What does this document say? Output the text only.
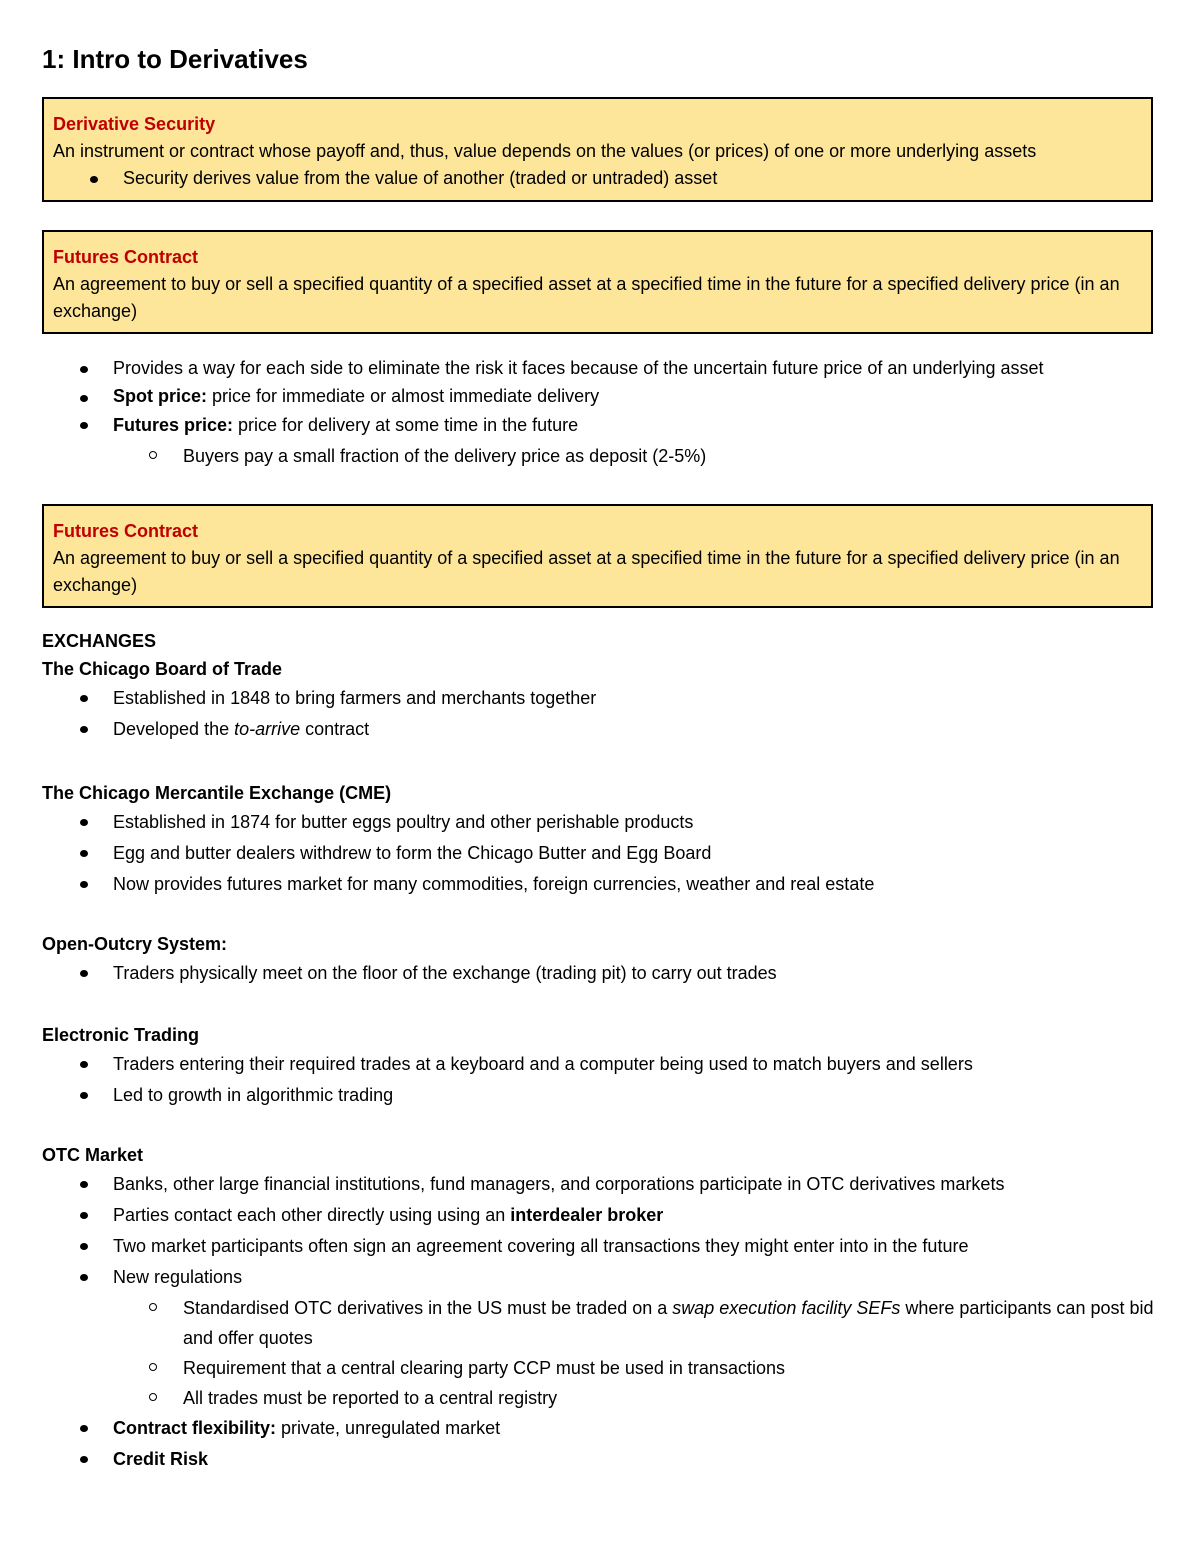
1: Intro to Derivatives
Derivative Security
An instrument or contract whose payoff and, thus, value depends on the values (or prices) of one or more underlying assets
Security derives value from the value of another (traded or untraded) asset
Futures Contract
An agreement to buy or sell a specified quantity of a specified asset at a specified time in the future for a specified delivery price (in an exchange)
Provides a way for each side to eliminate the risk it faces because of the uncertain future price of an underlying asset
Spot price: price for immediate or almost immediate delivery
Futures price: price for delivery at some time in the future
Buyers pay a small fraction of the delivery price as deposit (2-5%)
Futures Contract
An agreement to buy or sell a specified quantity of a specified asset at a specified time in the future for a specified delivery price (in an exchange)
EXCHANGES
The Chicago Board of Trade
Established in 1848 to bring farmers and merchants together
Developed the to-arrive contract
The Chicago Mercantile Exchange (CME)
Established in 1874 for butter eggs poultry and other perishable products
Egg and butter dealers withdrew to form the Chicago Butter and Egg Board
Now provides futures market for many commodities, foreign currencies, weather and real estate
Open-Outcry System:
Traders physically meet on the floor of the exchange (trading pit) to carry out trades
Electronic Trading
Traders entering their required trades at a keyboard and a computer being used to match buyers and sellers
Led to growth in algorithmic trading
OTC Market
Banks, other large financial institutions, fund managers, and corporations participate in OTC derivatives markets
Parties contact each other directly using using an interdealer broker
Two market participants often sign an agreement covering all transactions they might enter into in the future
New regulations
Standardised OTC derivatives in the US must be traded on a swap execution facility SEFs where participants can post bid and offer quotes
Requirement that a central clearing party CCP must be used in transactions
All trades must be reported to a central registry
Contract flexibility: private, unregulated market
Credit Risk
